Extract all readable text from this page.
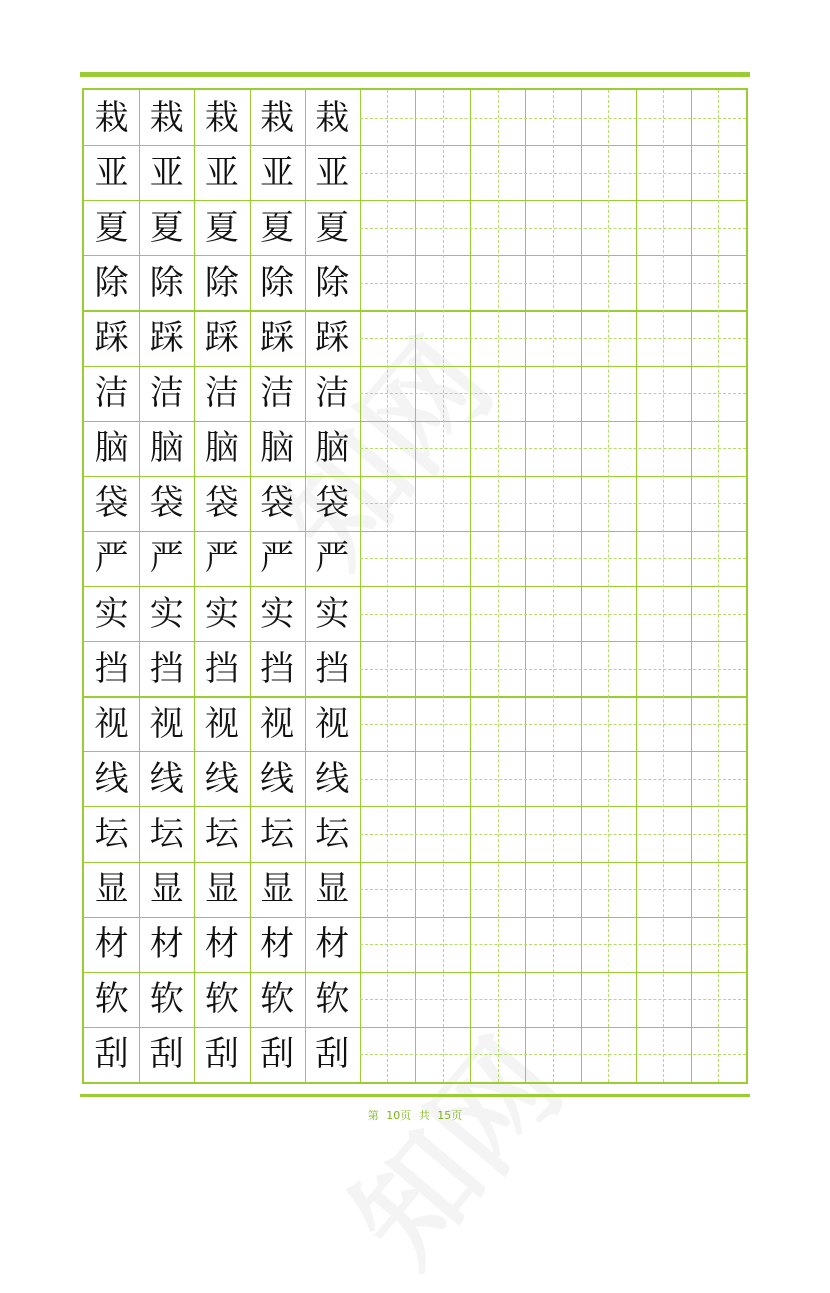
栽 栽 栽 栽 栽
亚 亚 亚 亚 亚
夏 夏 夏 夏 夏
除 除 除 除 除
踩 踩 踩 踩 踩
洁 洁 洁 洁 洁
脑 脑 脑 脑 脑
袋 袋 袋 袋 袋
严 严 严 严 严
实 实 实 实 实
挡 挡 挡 挡 挡
视 视 视 视 视
线 线 线 线 线
坛 坛 坛 坛 坛
显 显 显 显 显
材 材 材 材 材
软 软 软 软 软
刮 刮 刮 刮 刮
第 10页 共 15页
